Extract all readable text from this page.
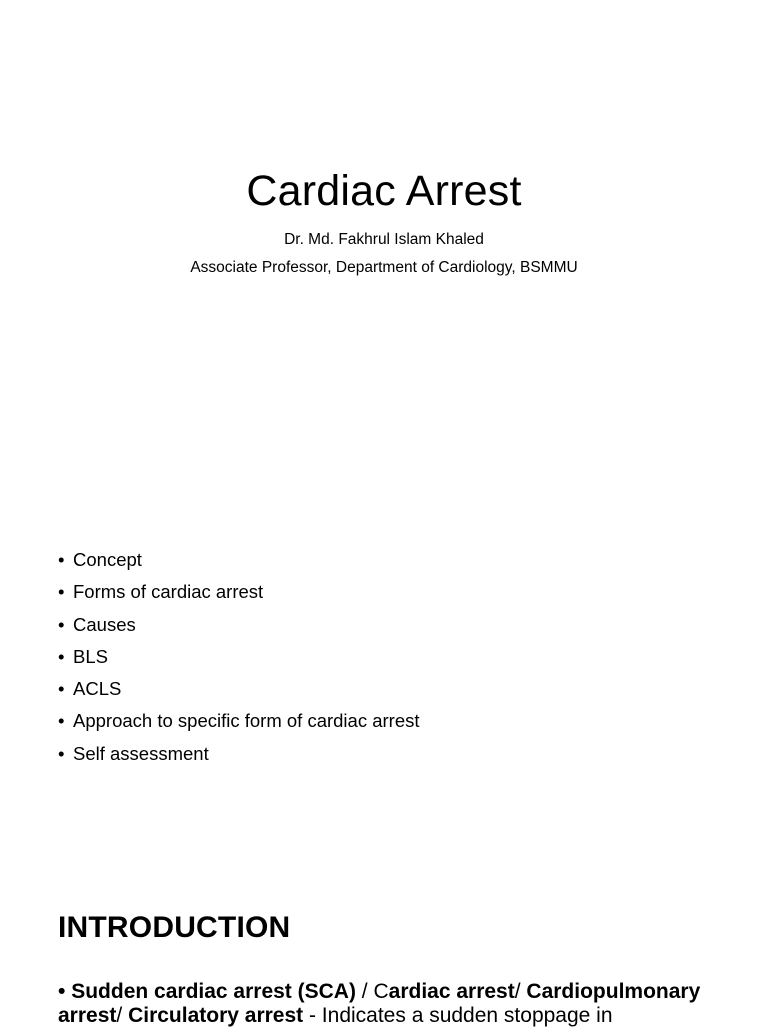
Cardiac Arrest
Dr. Md. Fakhrul Islam Khaled
Associate Professor, Department of Cardiology, BSMMU
• Concept
• Forms of cardiac arrest
• Causes
• BLS
• ACLS
• Approach to specific form of cardiac arrest
• Self assessment
INTRODUCTION
• Sudden cardiac arrest (SCA) / Cardiac arrest/ Cardiopulmonary
arrest/ Circulatory arrest - Indicates a sudden stoppage in
